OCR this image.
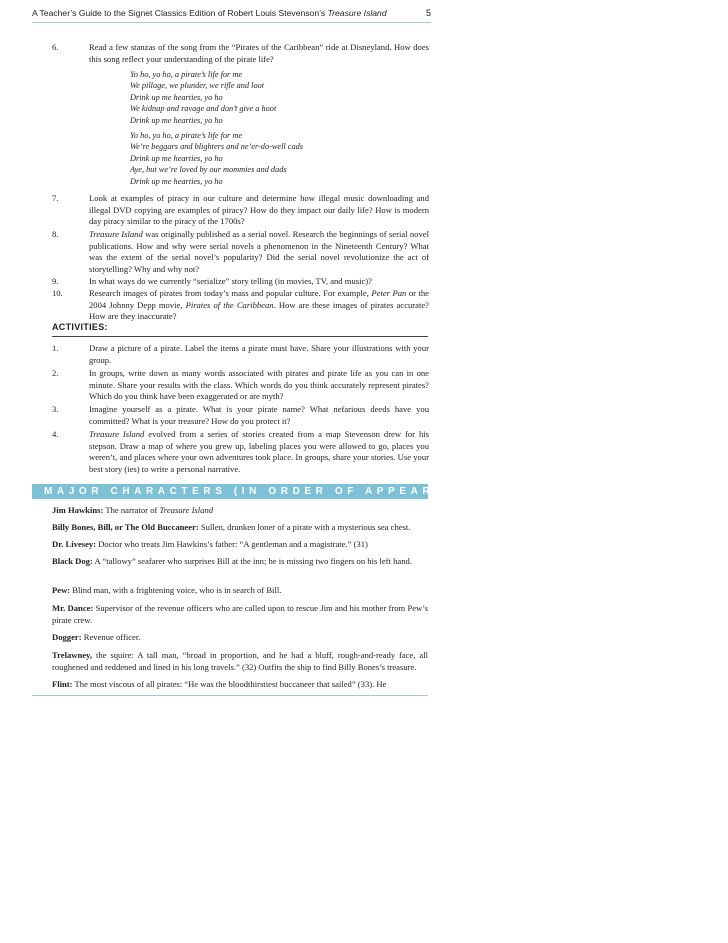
A Teacher’s Guide to the Signet Classics Edition of Robert Louis Stevenson’s Treasure Island	5
6.	Read a few stanzas of the song from the “Pirates of the Caribbean” ride at Disneyland. How does this song reflect your understanding of the pirate life?
Yo ho, yo ho, a pirate’s life for me
We pillage, we plunder, we rifle and loot
Drink up me hearties, yo ho
We kidnap and ravage and don’t give a hoot
Drink up me hearties, yo ho
Yo ho, yo ho, a pirate’s life for me
We’re beggars and blighters and ne’er-do-well cads
Drink up me hearties, yo ho
Aye, but we’re loved by our mommies and dads
Drink up me hearties, yo ho
7.	Look at examples of piracy in our culture and determine how illegal music downloading and illegal DVD copying are examples of piracy? How do they impact our daily life? How is modern day piracy similar to the piracy of the 1700s?
8.	Treasure Island was originally published as a serial novel. Research the beginnings of serial novel publications. How and why were serial novels a phenomenon in the Nineteenth Century? What was the extent of the serial novel’s popularity? Did the serial novel revolutionize the act of storytelling? Why and why not?
9.	In what ways do we currently “serialize” story telling (in movies, TV, and music)?
10.	Research images of pirates from today’s mass and popular culture. For example, Peter Pan or the 2004 Johnny Depp movie, Pirates of the Caribbean. How are these images of pirates accurate? How are they inaccurate?
ACTIVITIES:
1.	Draw a picture of a pirate. Label the items a pirate must have. Share your illustrations with your group.
2.	In groups, write down as many words associated with pirates and pirate life as you can in one minute. Share your results with the class. Which words do you think accurately represent pirates? Which do you think have been exaggerated or are myth?
3.	Imagine yourself as a pirate. What is your pirate name? What nefarious deeds have you committed? What is your treasure? How do you protect it?
4.	Treasure Island evolved from a series of stories created from a map Stevenson drew for his stepson. Draw a map of where you grew up, labeling places you were allowed to go, places you weren’t, and places where your own adventures took place. In groups, share your stories. Use your best story (ies) to write a personal narrative.
MAJOR CHARACTERS (IN ORDER OF APPEARANCE):
Jim Hawkins: The narrator of Treasure Island
Billy Bones, Bill, or The Old Buccaneer: Sullen, drunken loner of a pirate with a mysterious sea chest.
Dr. Livesey: Doctor who treats Jim Hawkins’s father: “A gentleman and a magistrate.” (31)
Black Dog: A “tallowy” seafarer who surprises Bill at the inn; he is missing two fingers on his left hand.
Pew: Blind man, with a frightening voice, who is in search of Bill.
Mr. Dance: Supervisor of the revenue officers who are called upon to rescue Jim and his mother from Pew’s pirate crew.
Dogger: Revenue officer.
Trelawney, the squire: A tall man, “broad in proportion, and he had a bluff, rough-and-ready face, all roughened and reddened and lined in his long travels.” (32) Outfits the ship to find Billy Bones’s treasure.
Flint: The most viscous of all pirates: “He was the bloodthirstiest buccaneer that sailed” (33). He
